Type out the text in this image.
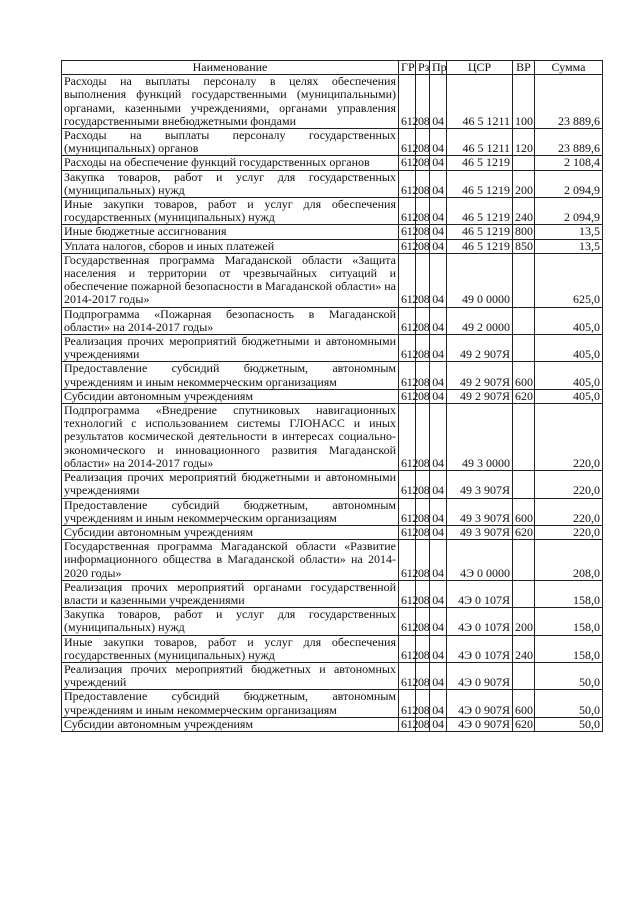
Наименование	ГР	Рз	Пр	ЦСР	ВР	Сумма
Расходы на выплаты персоналу в целях обеспечения выполнения функций государственными (муниципальными) органами, казенными учреждениями, органами управления государственными внебюджетными фондами	612	08	04	46 5 1211	100	23 889,6
Расходы на выплаты персоналу государственных (муниципальных) органов	612	08	04	46 5 1211	120	23 889,6
Расходы на обеспечение функций государственных органов	612	08	04	46 5 1219		2 108,4
Закупка товаров, работ и услуг для государственных (муниципальных) нужд	612	08	04	46 5 1219	200	2 094,9
Иные закупки товаров, работ и услуг для обеспечения государственных (муниципальных) нужд	612	08	04	46 5 1219	240	2 094,9
Иные бюджетные ассигнования	612	08	04	46 5 1219	800	13,5
Уплата налогов, сборов и иных платежей	612	08	04	46 5 1219	850	13,5
Государственная программа Магаданской области «Защита населения и территории от чрезвычайных ситуаций и обеспечение пожарной безопасности в Магаданской области» на 2014-2017 годы»	612	08	04	49 0 0000		625,0
Подпрограмма «Пожарная безопасность в Магаданской области» на 2014-2017 годы»	612	08	04	49 2 0000		405,0
Реализация прочих мероприятий бюджетными и автономными учреждениями	612	08	04	49 2 907Я		405,0
Предоставление субсидий бюджетным, автономным учреждениям и иным некоммерческим организациям	612	08	04	49 2 907Я	600	405,0
Субсидии автономным учреждениям	612	08	04	49 2 907Я	620	405,0
Подпрограмма «Внедрение спутниковых навигационных технологий с использованием системы ГЛОНАСС и иных результатов космической деятельности в интересах социально-экономического и инновационного развития Магаданской области» на 2014-2017 годы»	612	08	04	49 3 0000		220,0
Реализация прочих мероприятий бюджетными и автономными учреждениями	612	08	04	49 3 907Я		220,0
Предоставление субсидий бюджетным, автономным учреждениям и иным некоммерческим организациям	612	08	04	49 3 907Я	600	220,0
Субсидии автономным учреждениям	612	08	04	49 3 907Я	620	220,0
Государственная программа Магаданской области «Развитие информационного общества в Магаданской области» на 2014-2020 годы»	612	08	04	4Э 0 0000		208,0
Реализация прочих мероприятий органами государственной власти и казенными учреждениями	612	08	04	4Э 0 107Я		158,0
Закупка товаров, работ и услуг для государственных (муниципальных) нужд	612	08	04	4Э 0 107Я	200	158,0
Иные закупки товаров, работ и услуг для обеспечения государственных (муниципальных) нужд	612	08	04	4Э 0 107Я	240	158,0
Реализация прочих мероприятий бюджетных и автономных учреждений	612	08	04	4Э 0 907Я		50,0
Предоставление субсидий бюджетным, автономным учреждениям и иным некоммерческим организациям	612	08	04	4Э 0 907Я	600	50,0
Субсидии автономным учреждениям	612	08	04	4Э 0 907Я	620	50,0
